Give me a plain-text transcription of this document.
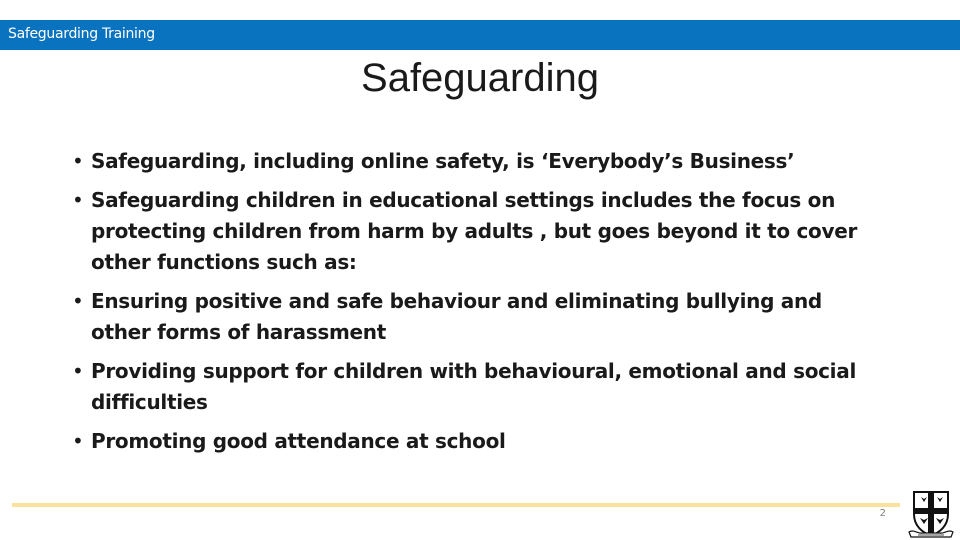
Safeguarding Training
Safeguarding
• Safeguarding, including online safety, is ‘Everybody’s Business’
• Safeguarding children in educational settings includes the focus on protecting children from harm by adults , but goes beyond it to cover other functions such as:
• Ensuring positive and safe behaviour and eliminating bullying and other forms of harassment
• Providing support for children with behavioural, emotional and social difficulties
• Promoting good attendance at school
2
